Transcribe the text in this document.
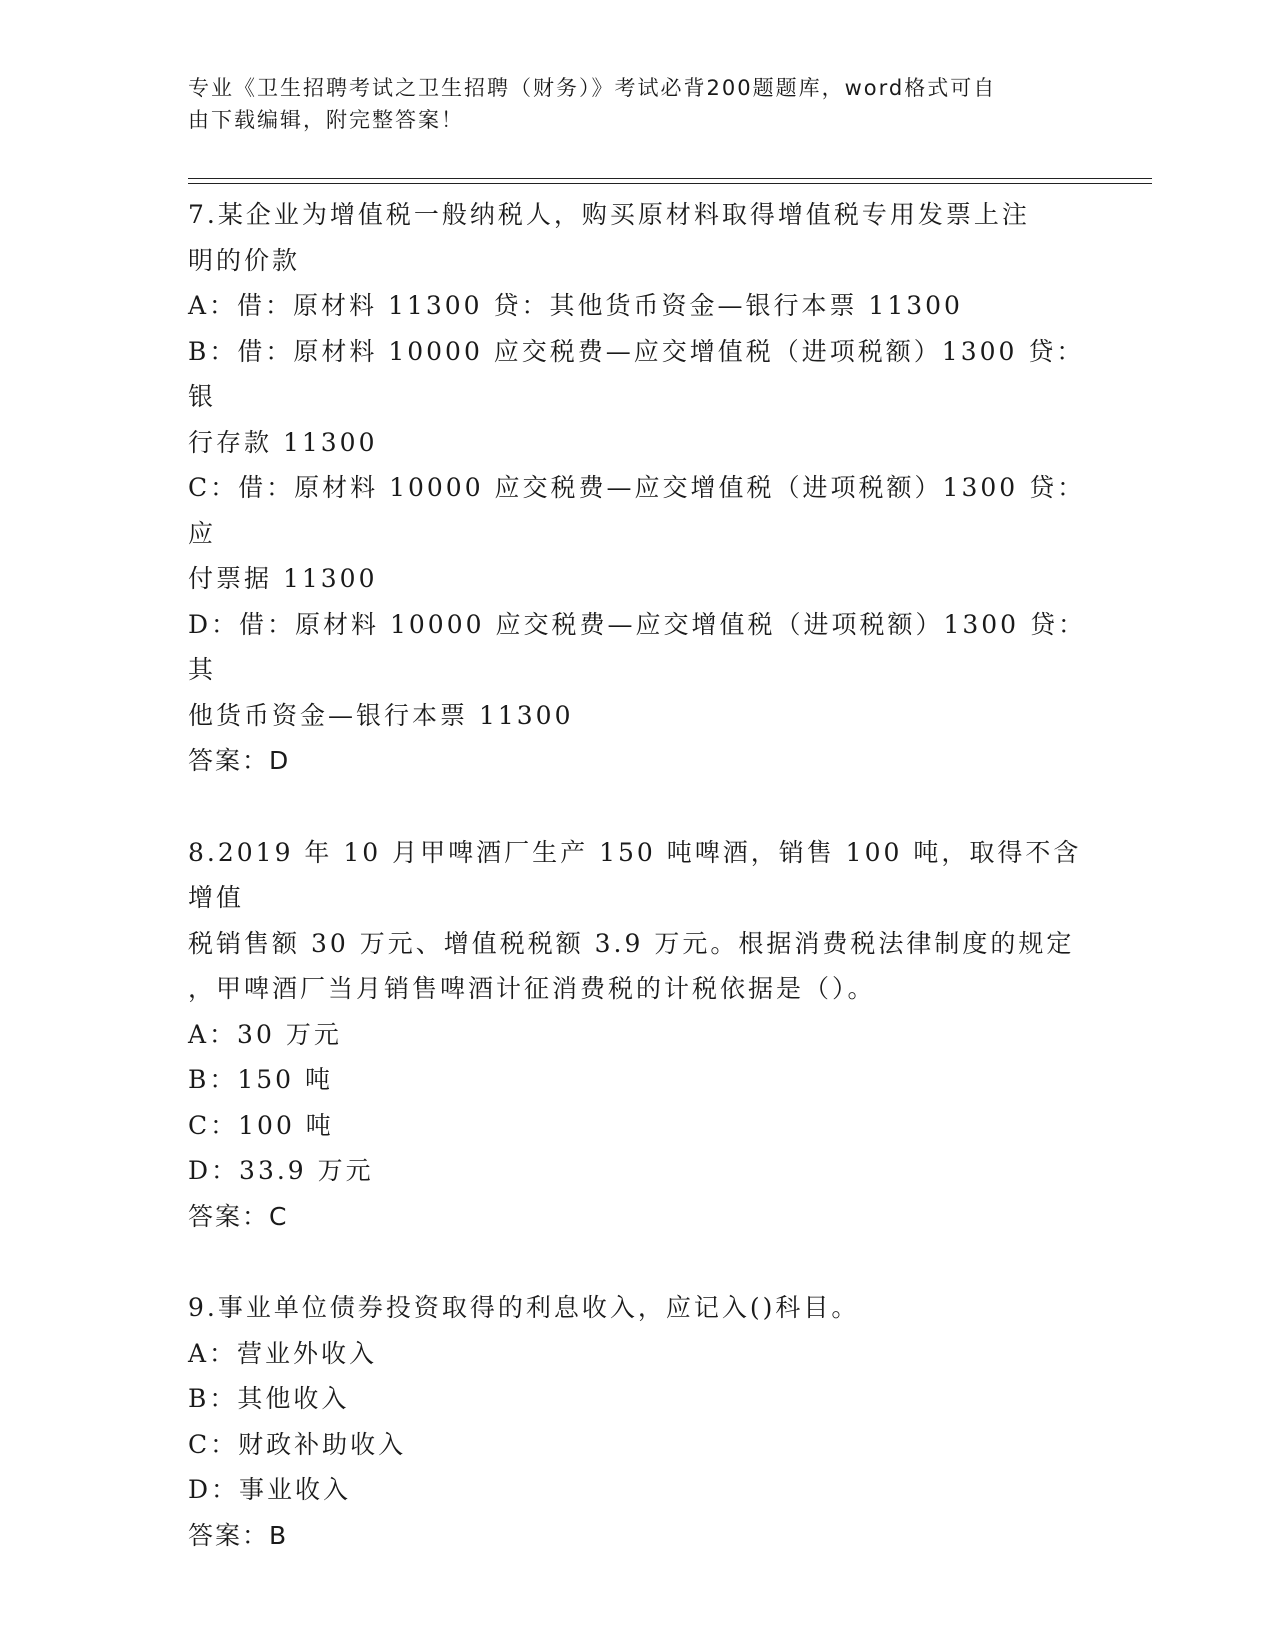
专业《卫生招聘考试之卫生招聘（财务）》考试必背200题题库，word格式可自
由下载编辑，附完整答案！

7.某企业为增值税一般纳税人，购买原材料取得增值税专用发票上注

明的价款

A：借：原材料 11300 贷：其他货币资金—银行本票 11300

B：借：原材料 10000 应交税费—应交增值税（进项税额）1300 贷：银

行存款 11300

C：借：原材料 10000 应交税费—应交增值税（进项税额）1300 贷：应

付票据 11300

D：借：原材料 10000 应交税费—应交增值税（进项税额）1300 贷：其

他货币资金—银行本票 11300

答案：D

8.2019 年 10 月甲啤酒厂生产 150 吨啤酒，销售 100 吨，取得不含增值

税销售额 30 万元、增值税税额 3.9 万元。根据消费税法律制度的规定

，甲啤酒厂当月销售啤酒计征消费税的计税依据是（）。

A：30 万元

B：150 吨

C：100 吨

D：33.9 万元

答案：C

9.事业单位债券投资取得的利息收入，应记入()科目。

A：营业外收入

B：其他收入

C：财政补助收入

D：事业收入

答案：B
